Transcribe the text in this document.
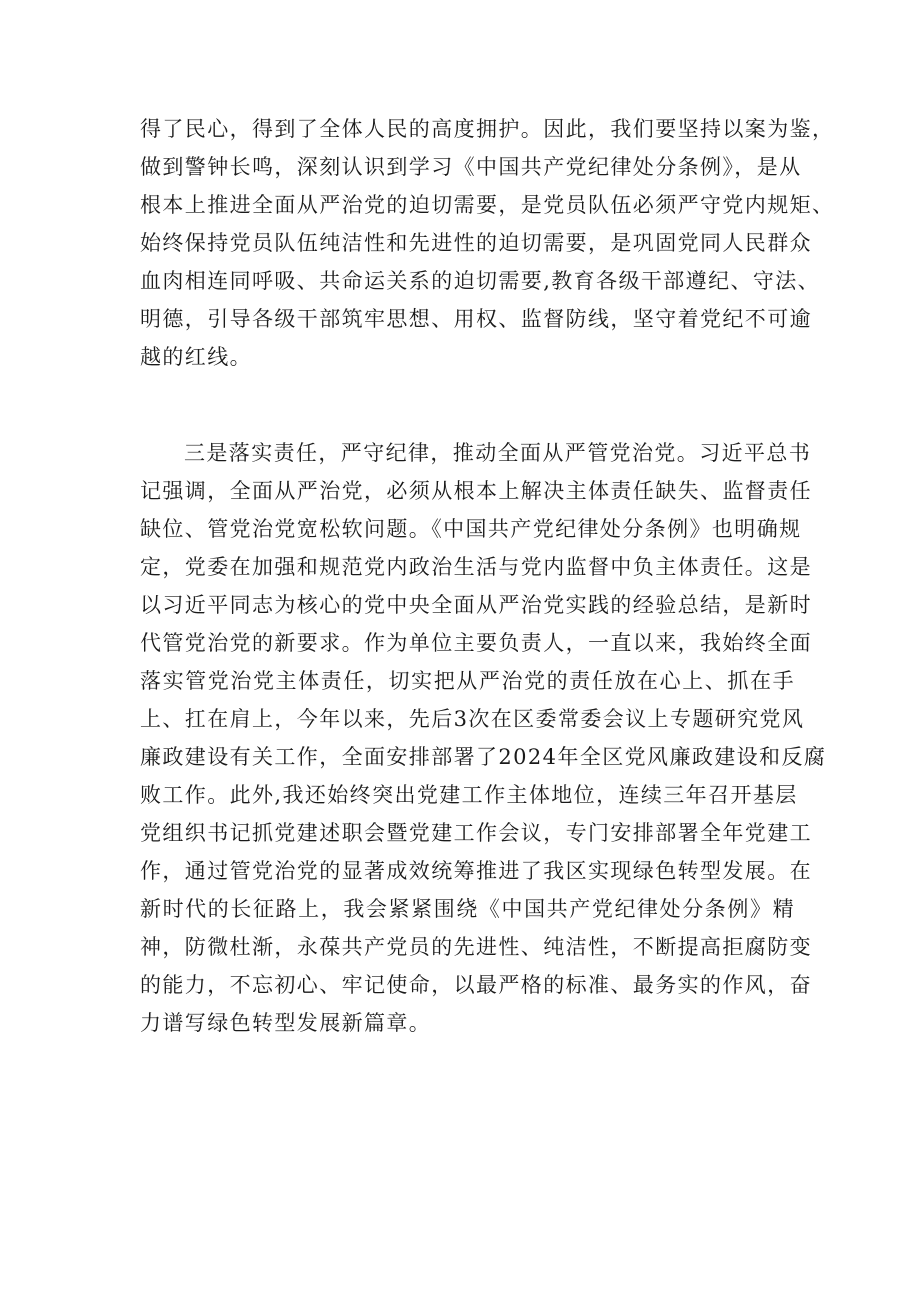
得了民心，得到了全体人民的高度拥护。因此，我们要坚持以案为鉴，
做到警钟长鸣，深刻认识到学习《中国共产党纪律处分条例》，是从
根本上推进全面从严治党的迫切需要，是党员队伍必须严守党内规矩、
始终保持党员队伍纯洁性和先进性的迫切需要，是巩固党同人民群众
血肉相连同呼吸、共命运关系的迫切需要,教育各级干部遵纪、守法、
明德，引导各级干部筑牢思想、用权、监督防线，坚守着党纪不可逾
越的红线。
三是落实责任，严守纪律，推动全面从严管党治党。习近平总书
记强调，全面从严治党，必须从根本上解决主体责任缺失、监督责任
缺位、管党治党宽松软问题。《中国共产党纪律处分条例》也明确规
定，党委在加强和规范党内政治生活与党内监督中负主体责任。这是
以习近平同志为核心的党中央全面从严治党实践的经验总结，是新时
代管党治党的新要求。作为单位主要负责人，一直以来，我始终全面
落实管党治党主体责任，切实把从严治党的责任放在心上、抓在手
上、扛在肩上，今年以来，先后3次在区委常委会议上专题研究党风
廉政建设有关工作，全面安排部署了2024年全区党风廉政建设和反腐
败工作。此外,我还始终突出党建工作主体地位，连续三年召开基层
党组织书记抓党建述职会暨党建工作会议，专门安排部署全年党建工
作，通过管党治党的显著成效统筹推进了我区实现绿色转型发展。在
新时代的长征路上，我会紧紧围绕《中国共产党纪律处分条例》精
神，防微杜渐，永葆共产党员的先进性、纯洁性，不断提高拒腐防变
的能力，不忘初心、牢记使命，以最严格的标准、最务实的作风，奋
力谱写绿色转型发展新篇章。
